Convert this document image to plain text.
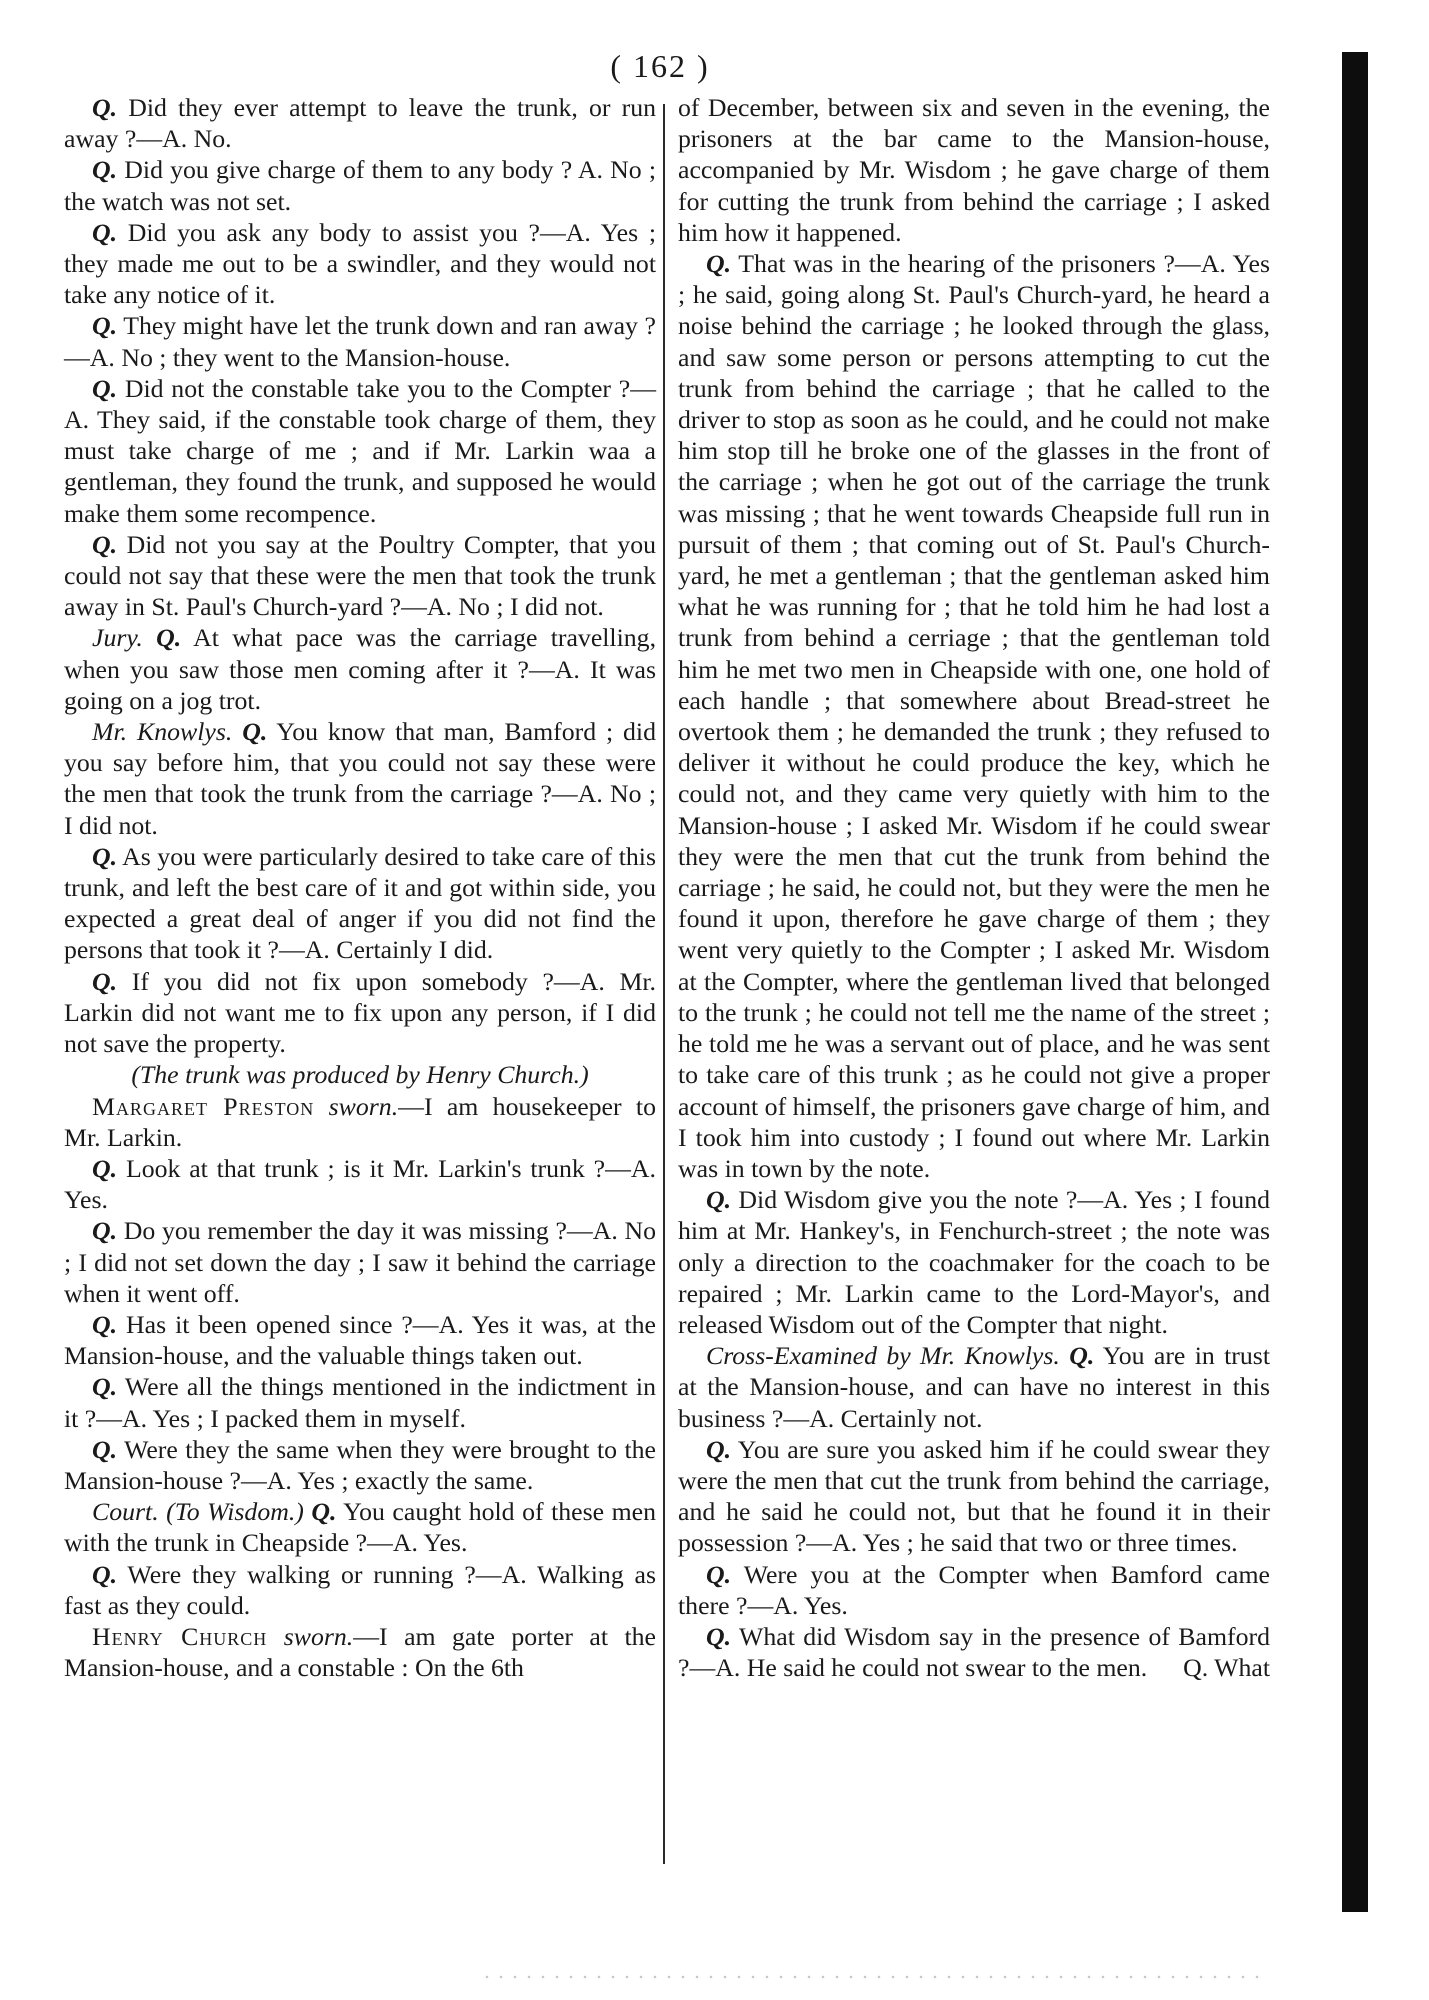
( 162 )

Q. Did they ever attempt to leave the trunk, or run away ?—A. No.

Q. Did you give charge of them to any body ? A. No ; the watch was not set.

Q. Did you ask any body to assist you ?—A. Yes ; they made me out to be a swindler, and they would not take any notice of it.

Q. They might have let the trunk down and ran away ?—A. No ; they went to the Mansion-house.

Q. Did not the constable take you to the Compter ?—A. They said, if the constable took charge of them, they must take charge of me ; and if Mr. Larkin waa a gentleman, they found the trunk, and supposed he would make them some recompence.

Q. Did not you say at the Poultry Compter, that you could not say that these were the men that took the trunk away in St. Paul's Church-yard ?—A. No ; I did not.

Jury. Q. At what pace was the carriage travelling, when you saw those men coming after it ?—A. It was going on a jog trot.

Mr. Knowlys. Q. You know that man, Bamford ; did you say before him, that you could not say these were the men that took the trunk from the carriage ?—A. No ; I did not.

Q. As you were particularly desired to take care of this trunk, and left the best care of it and got within side, you expected a great deal of anger if you did not find the persons that took it ?—A. Certainly I did.

Q. If you did not fix upon somebody ?—A. Mr. Larkin did not want me to fix upon any person, if I did not save the property.

(The trunk was produced by Henry Church.)

Margaret Preston sworn.—I am housekeeper to Mr. Larkin.

Q. Look at that trunk ; is it Mr. Larkin's trunk ?—A. Yes.

Q. Do you remember the day it was missing ?—A. No ; I did not set down the day ; I saw it behind the carriage when it went off.

Q. Has it been opened since ?—A. Yes it was, at the Mansion-house, and the valuable things taken out.

Q. Were all the things mentioned in the indictment in it ?—A. Yes ; I packed them in myself.

Q. Were they the same when they were brought to the Mansion-house ?—A. Yes ; exactly the same.

Court. (To Wisdom.) Q. You caught hold of these men with the trunk in Cheapside ?—A. Yes.

Q. Were they walking or running ?—A. Walking as fast as they could.

Henry Church sworn.—I am gate porter at the Mansion-house, and a constable : On the 6th

of December, between six and seven in the evening, the prisoners at the bar came to the Mansion-house, accompanied by Mr. Wisdom ; he gave charge of them for cutting the trunk from behind the carriage ; I asked him how it happened.

Q. That was in the hearing of the prisoners ?—A. Yes ; he said, going along St. Paul's Church-yard, he heard a noise behind the carriage ; he looked through the glass, and saw some person or persons attempting to cut the trunk from behind the carriage ; that he called to the driver to stop as soon as he could, and he could not make him stop till he broke one of the glasses in the front of the carriage ; when he got out of the carriage the trunk was missing ; that he went towards Cheapside full run in pursuit of them ; that coming out of St. Paul's Church-yard, he met a gentleman ; that the gentleman asked him what he was running for ; that he told him he had lost a trunk from behind a cerriage ; that the gentleman told him he met two men in Cheapside with one, one hold of each handle ; that somewhere about Bread-street he overtook them ; he demanded the trunk ; they refused to deliver it without he could produce the key, which he could not, and they came very quietly with him to the Mansion-house ; I asked Mr. Wisdom if he could swear they were the men that cut the trunk from behind the carriage ; he said, he could not, but they were the men he found it upon, therefore he gave charge of them ; they went very quietly to the Compter ; I asked Mr. Wisdom at the Compter, where the gentleman lived that belonged to the trunk ; he could not tell me the name of the street ; he told me he was a servant out of place, and he was sent to take care of this trunk ; as he could not give a proper account of himself, the prisoners gave charge of him, and I took him into custody ; I found out where Mr. Larkin was in town by the note.

Q. Did Wisdom give you the note ?—A. Yes ; I found him at Mr. Hankey's, in Fenchurch-street ; the note was only a direction to the coachmaker for the coach to be repaired ; Mr. Larkin came to the Lord-Mayor's, and released Wisdom out of the Compter that night.

Cross-Examined by Mr. Knowlys. Q. You are in trust at the Mansion-house, and can have no interest in this business ?—A. Certainly not.

Q. You are sure you asked him if he could swear they were the men that cut the trunk from behind the carriage, and he said he could not, but that he found it in their possession ?—A. Yes ; he said that two or three times.

Q. Were you at the Compter when Bamford came there ?—A. Yes.

Q. What did Wisdom say in the presence of Bamford ?—A. He said he could not swear to the men.	Q. What
